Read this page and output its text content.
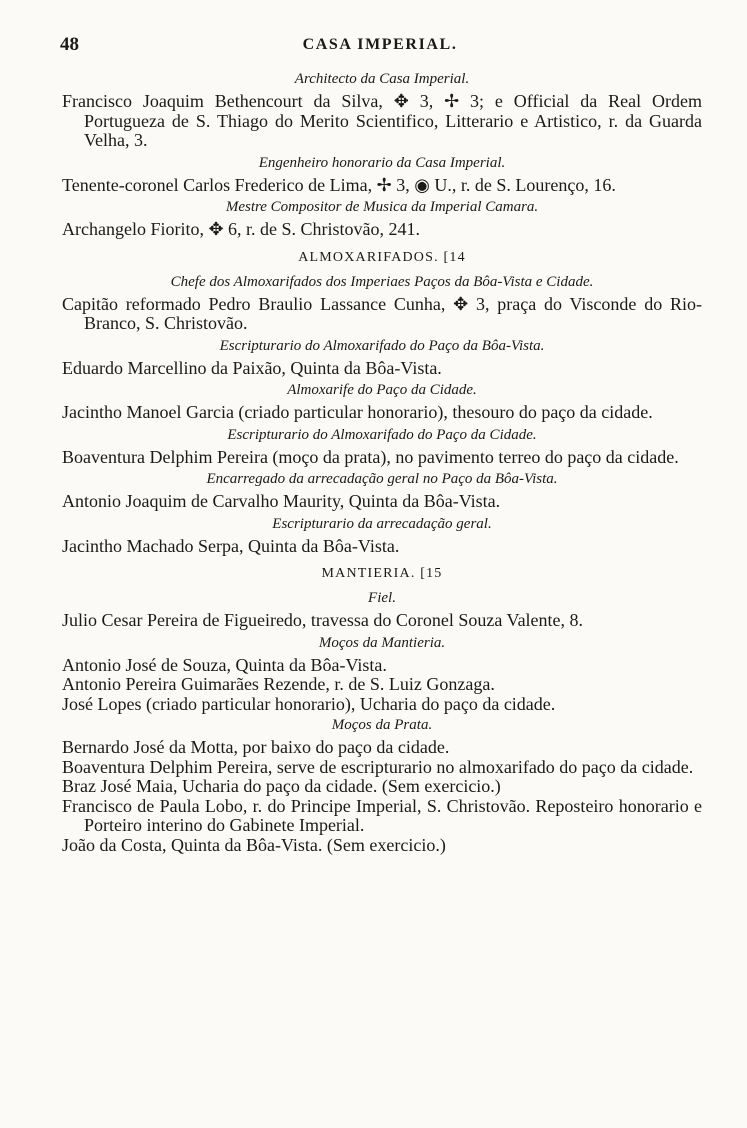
48	CASA IMPERIAL.
Architecto da Casa Imperial.

Francisco Joaquim Bethencourt da Silva, ✥ 3, ✢ 3; e Official da Real Ordem Portugueza de S. Thiago do Merito Scientifico, Litterario e Artistico, r. da Guarda Velha, 3.

Engenheiro honorario da Casa Imperial.

Tenente-coronel Carlos Frederico de Lima, ✢ 3, ◉ U., r. de S. Lourenço, 16.

Mestre Compositor de Musica da Imperial Camara.

Archangelo Fiorito, ✥ 6, r. de S. Christovão, 241.

ALMOXARIFADOS. [14
Chefe dos Almoxarifados dos Imperiaes Paços da Bôa-Vista e Cidade.

Capitão reformado Pedro Braulio Lassance Cunha, ✥ 3, praça do Visconde do Rio-Branco, S. Christovão.

Escripturario do Almoxarifado do Paço da Bôa-Vista.

Eduardo Marcellino da Paixão, Quinta da Bôa-Vista.

Almoxarife do Paço da Cidade.

Jacintho Manoel Garcia (criado particular honorario), thesouro do paço da cidade.

Escripturario do Almoxarifado do Paço da Cidade.

Boaventura Delphim Pereira (moço da prata), no pavimento terreo do paço da cidade.

Encarregado da arrecadação geral no Paço da Bôa-Vista.

Antonio Joaquim de Carvalho Maurity, Quinta da Bôa-Vista.

Escripturario da arrecadação geral.

Jacintho Machado Serpa, Quinta da Bôa-Vista.

MANTIERIA. [15
Fiel.

Julio Cesar Pereira de Figueiredo, travessa do Coronel Souza Valente, 8.

Moços da Mantieria.

Antonio José de Souza, Quinta da Bôa-Vista.

Antonio Pereira Guimarães Rezende, r. de S. Luiz Gonzaga.

José Lopes (criado particular honorario), Ucharia do paço da cidade.

Moços da Prata.

Bernardo José da Motta, por baixo do paço da cidade.

Boaventura Delphim Pereira, serve de escripturario no almoxarifado do paço da cidade.

Braz José Maia, Ucharia do paço da cidade. (Sem exercicio.)

Francisco de Paula Lobo, r. do Principe Imperial, S. Christovão. Reposteiro honorario e Porteiro interino do Gabinete Imperial.

João da Costa, Quinta da Bôa-Vista. (Sem exercicio.)
